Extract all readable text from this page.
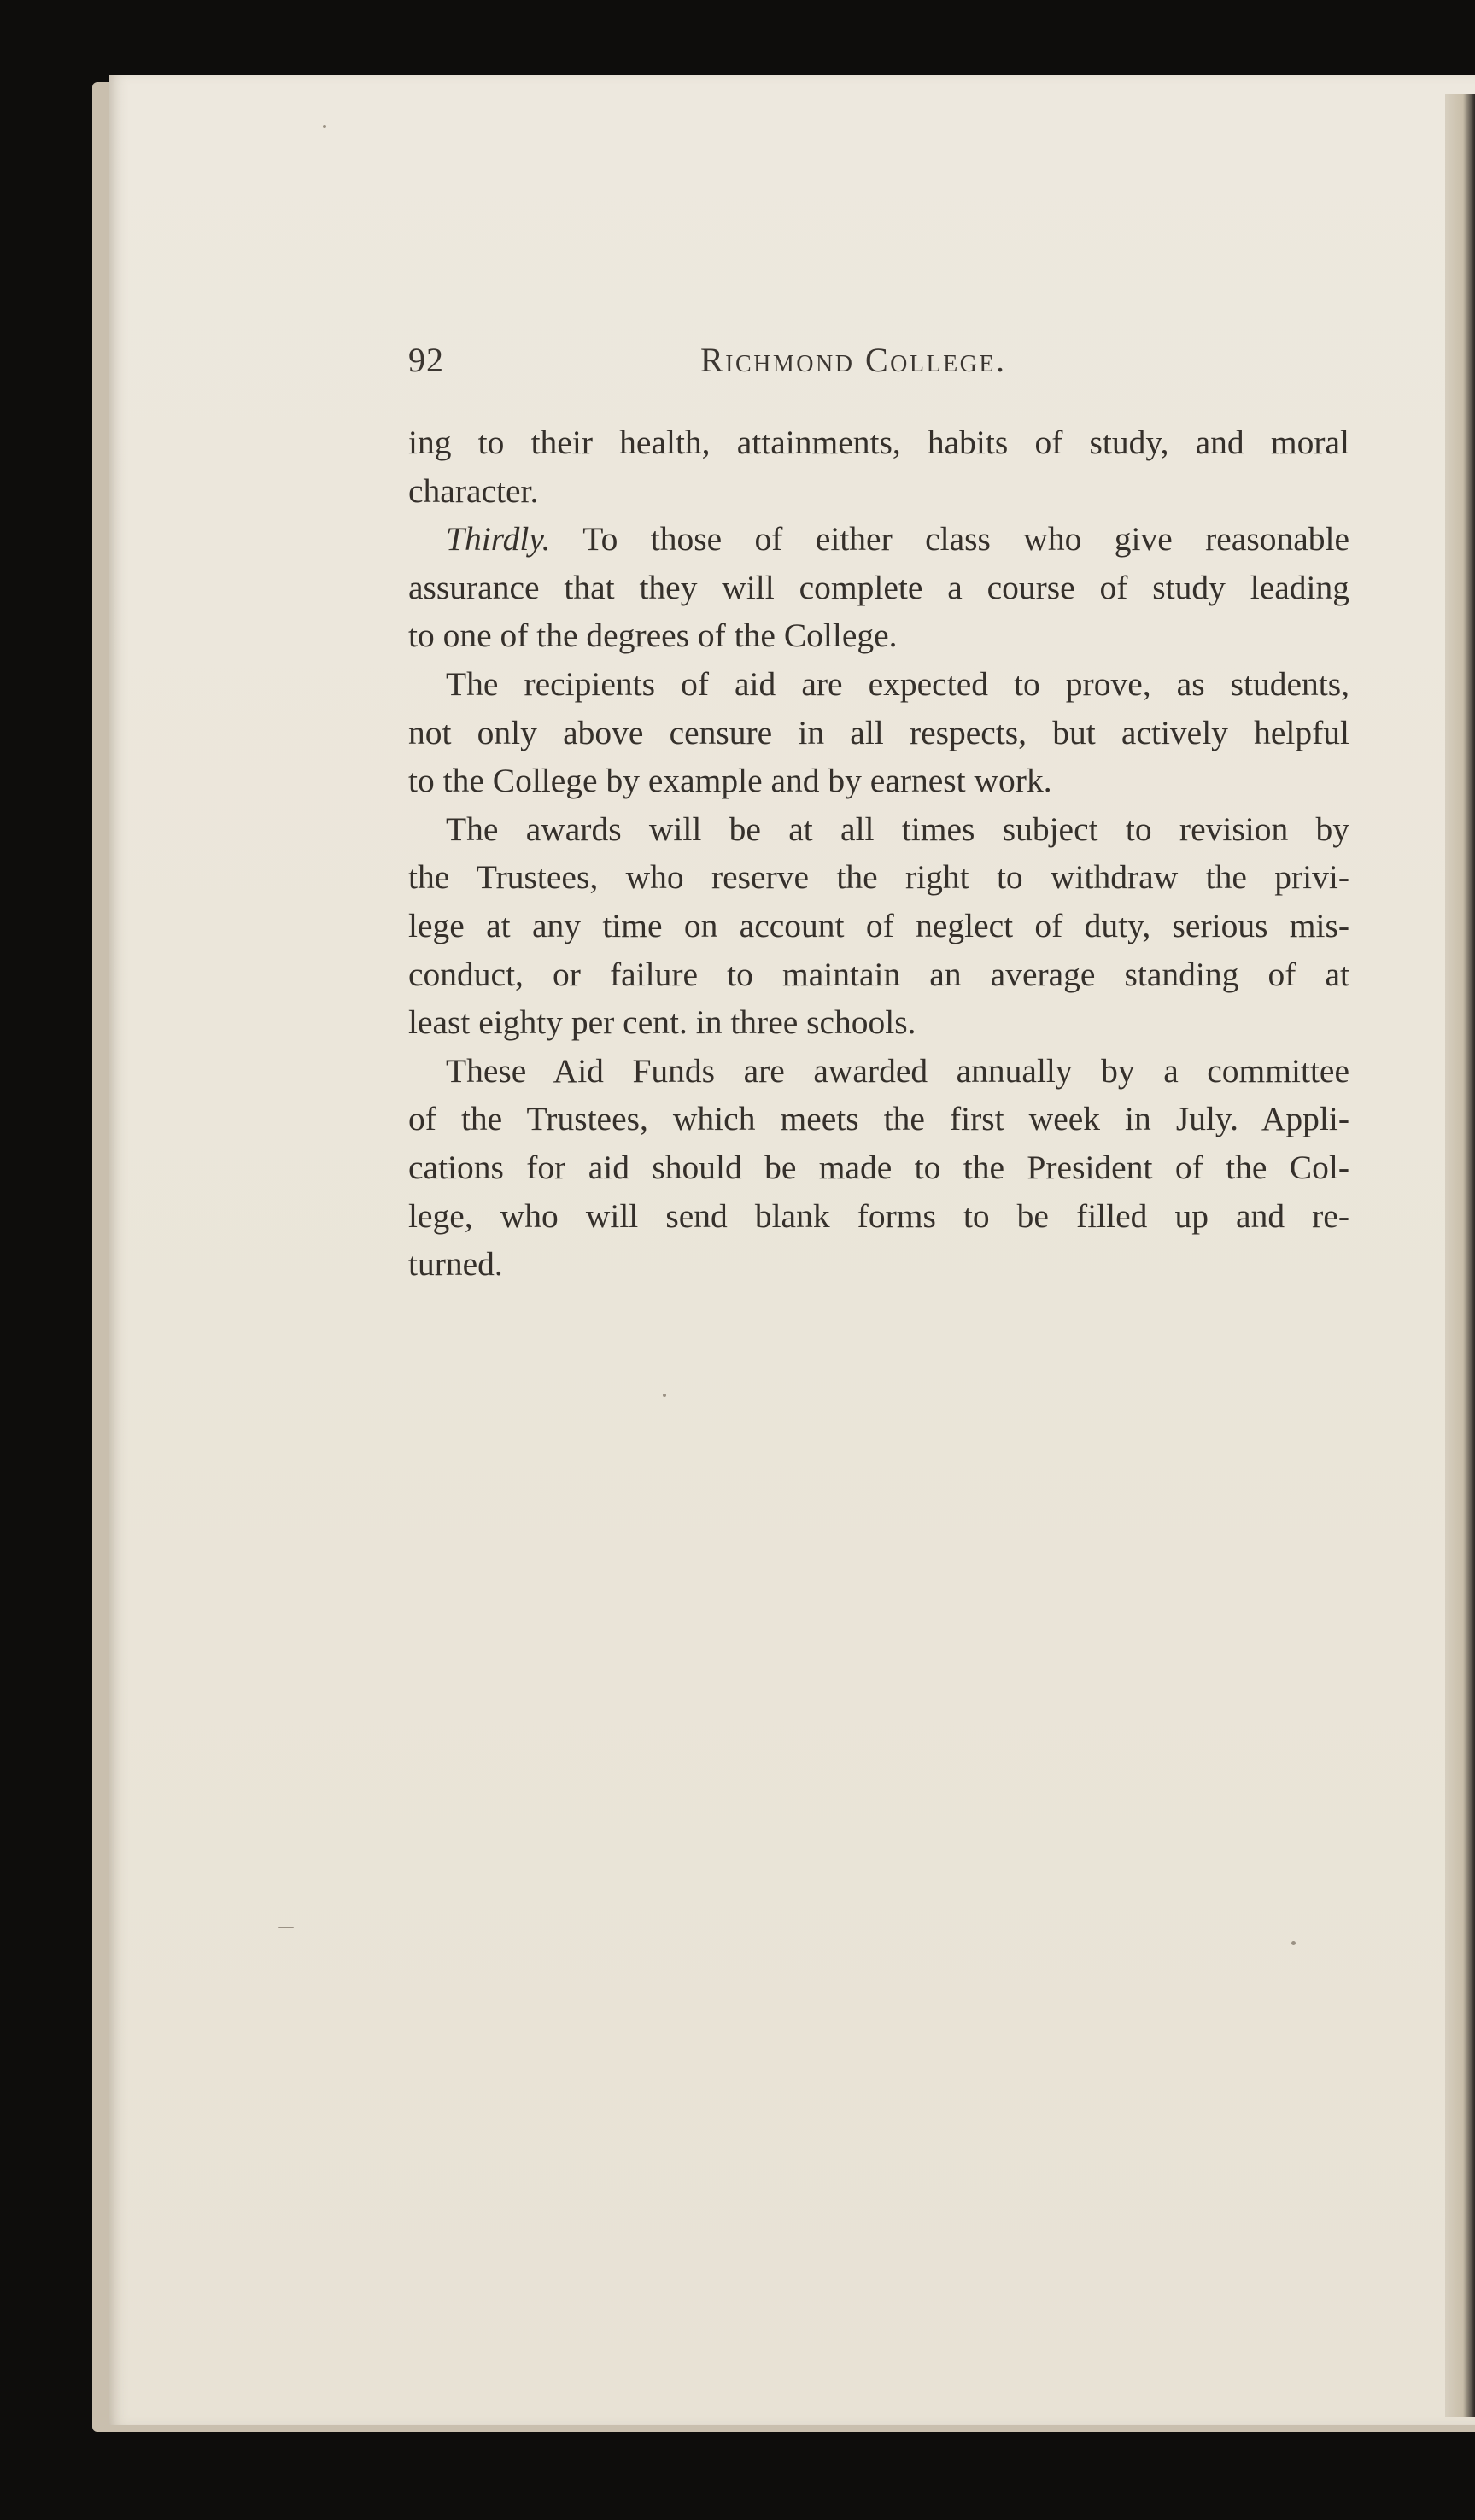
92	Richmond College.
ing to their health, attainments, habits of study, and moral
character.
Thirdly. To those of either class who give reasonable
assurance that they will complete a course of study leading
to one of the degrees of the College.
The recipients of aid are expected to prove, as students,
not only above censure in all respects, but actively helpful
to the College by example and by earnest work.
The awards will be at all times subject to revision by
the Trustees, who reserve the right to withdraw the privi-
lege at any time on account of neglect of duty, serious mis-
conduct, or failure to maintain an average standing of at
least eighty per cent. in three schools.
These Aid Funds are awarded annually by a committee
of the Trustees, which meets the first week in July. Appli-
cations for aid should be made to the President of the Col-
lege, who will send blank forms to be filled up and re-
turned.
